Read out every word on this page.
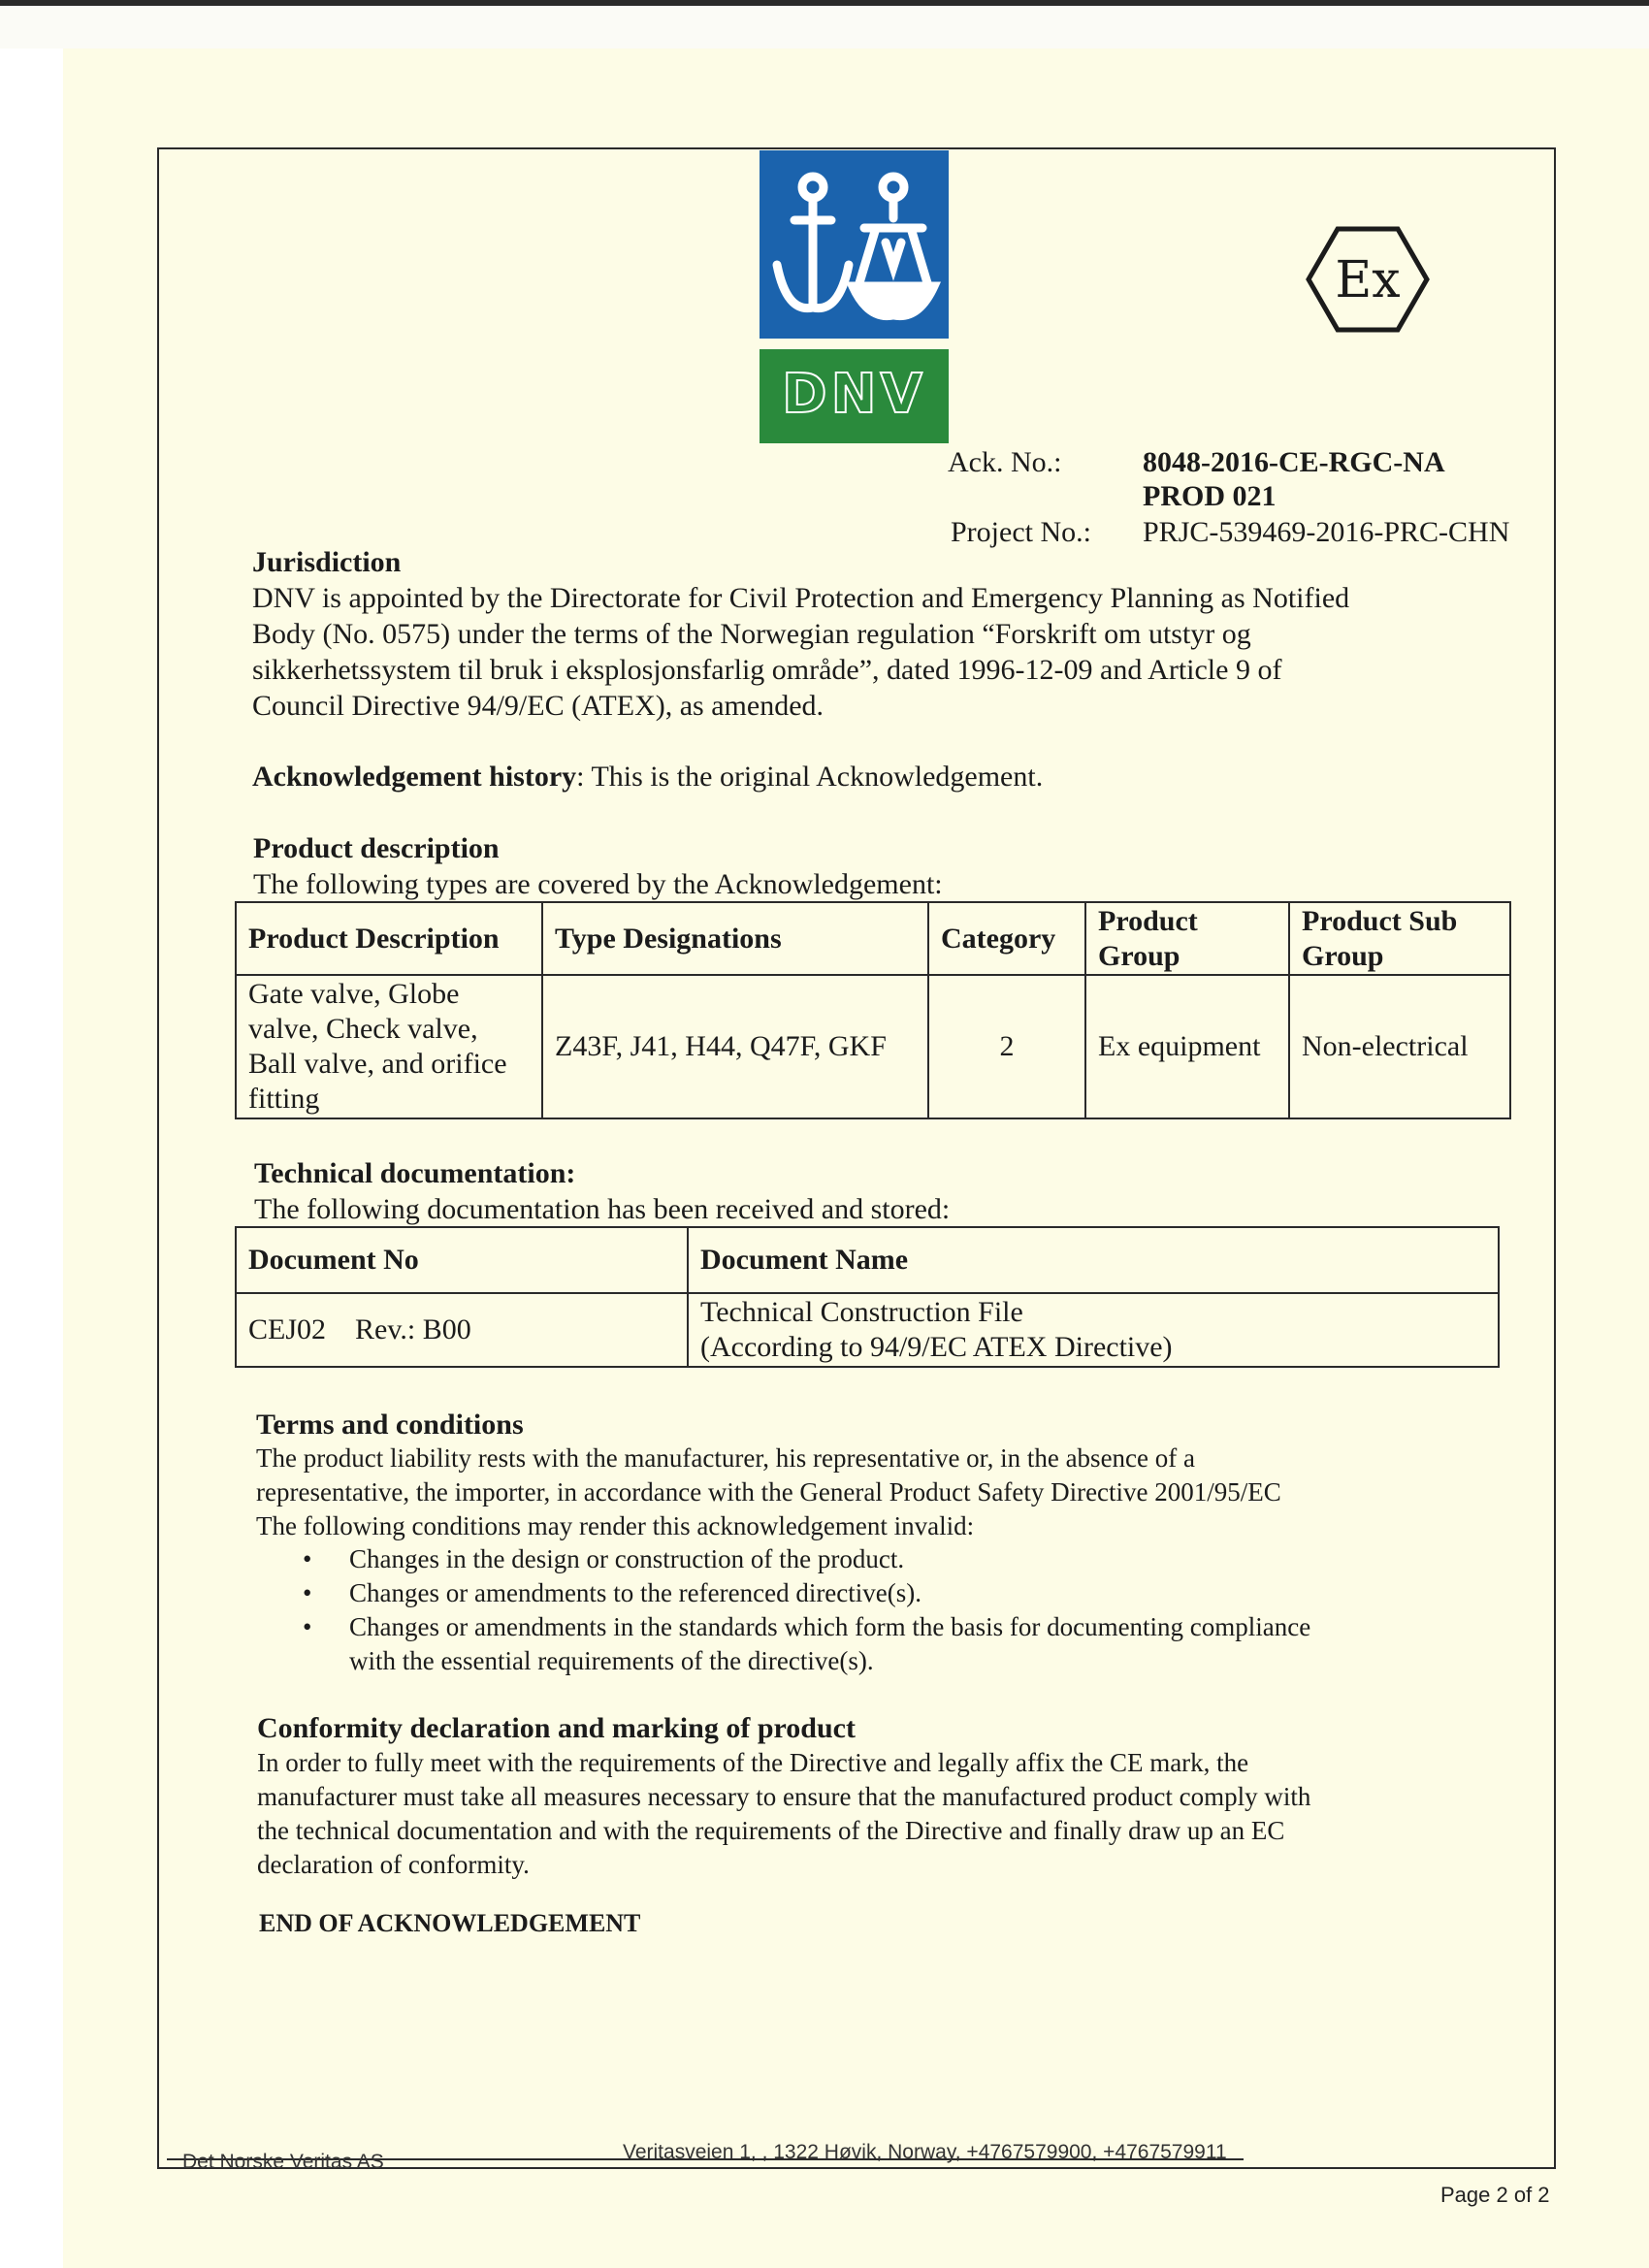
DNV
Ex
Ack. No.:	8048-2016-CE-RGC-NA
PROD 021
Project No.: PRJC-539469-2016-PRC-CHN
Jurisdiction
DNV is appointed by the Directorate for Civil Protection and Emergency Planning as Notified
Body (No. 0575) under the terms of the Norwegian regulation “Forskrift om utstyr og
sikkerhetssystem til bruk i eksplosjonsfarlig område”, dated 1996-12-09 and Article 9 of
Council Directive 94/9/EC (ATEX), as amended.
Acknowledgement history: This is the original Acknowledgement.
Product description
The following types are covered by the Acknowledgement:
Product Description	Type Designations	Category	Product Group	Product Sub Group
Gate valve, Globe valve, Check valve, Ball valve, and orifice fitting	Z43F, J41, H44, Q47F, GKF	2	Ex equipment	Non-electrical
Technical documentation:
The following documentation has been received and stored:
Document No	Document Name
CEJ02 Rev.: B00	Technical Construction File
(According to 94/9/EC ATEX Directive)
Terms and conditions
The product liability rests with the manufacturer, his representative or, in the absence of a
representative, the importer, in accordance with the General Product Safety Directive 2001/95/EC
The following conditions may render this acknowledgement invalid:
• Changes in the design or construction of the product.
• Changes or amendments to the referenced directive(s).
• Changes or amendments in the standards which form the basis for documenting compliance
with the essential requirements of the directive(s).
Conformity declaration and marking of product
In order to fully meet with the requirements of the Directive and legally affix the CE mark, the
manufacturer must take all measures necessary to ensure that the manufactured product comply with
the technical documentation and with the requirements of the Directive and finally draw up an EC
declaration of conformity.
END OF ACKNOWLEDGEMENT
Det Norske Veritas AS	Veritasveien 1, , 1322 Høvik, Norway, +4767579900, +4767579911
Page 2 of 2
